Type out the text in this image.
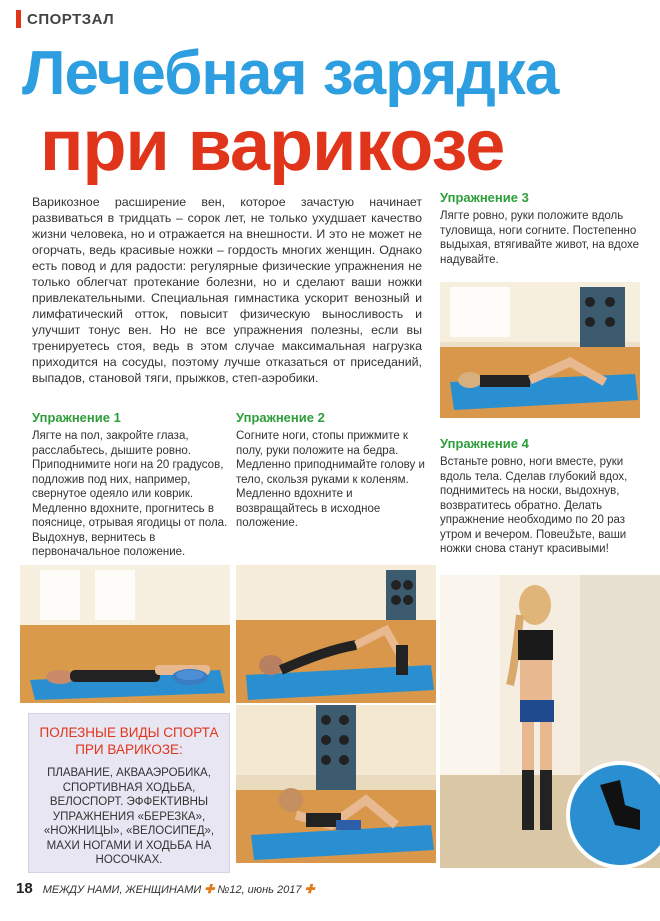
СПОРТЗАЛ
Лечебная зарядка
при варикозе
Варикозное расширение вен, которое зачастую начинает развиваться в тридцать – сорок лет, не только ухудшает качество жизни человека, но и отражается на внешности. И это не может не огорчать, ведь красивые ножки – гордость многих женщин. Однако есть повод и для радости: регулярные физические упражнения не только облегчат протекание болезни, но и сделают ваши ножки привлекательными. Специальная гимнастика ускорит венозный и лимфатический отток, повысит физическую выносливость и улучшит тонус вен. Но не все упражнения полезны, если вы тренируетесь стоя, ведь в этом случае максимальная нагрузка приходится на сосуды, поэтому лучше отказаться от приседаний, выпадов, становой тяги, прыжков, степ-аэробики.
Упражнение 1
Лягте на пол, закройте глаза, расслабьтесь, дышите ровно. Приподнимите ноги на 20 градусов, подложив под них, например, свернутое одеяло или коврик. Медленно вдохните, прогнитесь в пояснице, отрывая ягодицы от пола. Выдохнув, вернитесь в первоначальное положение.
Упражнение 2
Согните ноги, стопы прижмите к полу, руки положите на бедра. Медленно приподнимайте голову и тело, скользя руками к коленям. Медленно вдохните и возвращайтесь в исходное положение.
Упражнение 3
Лягте ровно, руки положите вдоль туловища, ноги согните. Постепенно выдыхая, втягивайте живот, на вдохе надувайте.
Упражнение 4
Встаньте ровно, ноги вместе, руки вдоль тела. Сделав глубокий вдох, поднимитесь на носки, выдохнув, возвратитесь обратно. Делать упражнение необходимо по 20 раз утром и вечером. Повеužьте, ваши ножки снова станут красивыми!
ПОЛЕЗНЫЕ ВИДЫ СПОРТА ПРИ ВАРИКОЗЕ:
ПЛАВАНИЕ, АКВААЭРОБИКА, СПОРТИВНАЯ ХОДЬБА, ВЕЛОСПОРТ. ЭФФЕКТИВНЫ УПРАЖНЕНИЯ «БЕРЕЗКА», «НОЖНИЦЫ», «ВЕЛОСИПЕД», МАХИ НОГАМИ И ХОДЬБА НА НОСОЧКАХ.
18 МЕЖДУ НАМИ, ЖЕНЩИНАМИ ✚ №12, июнь 2017 ✚
